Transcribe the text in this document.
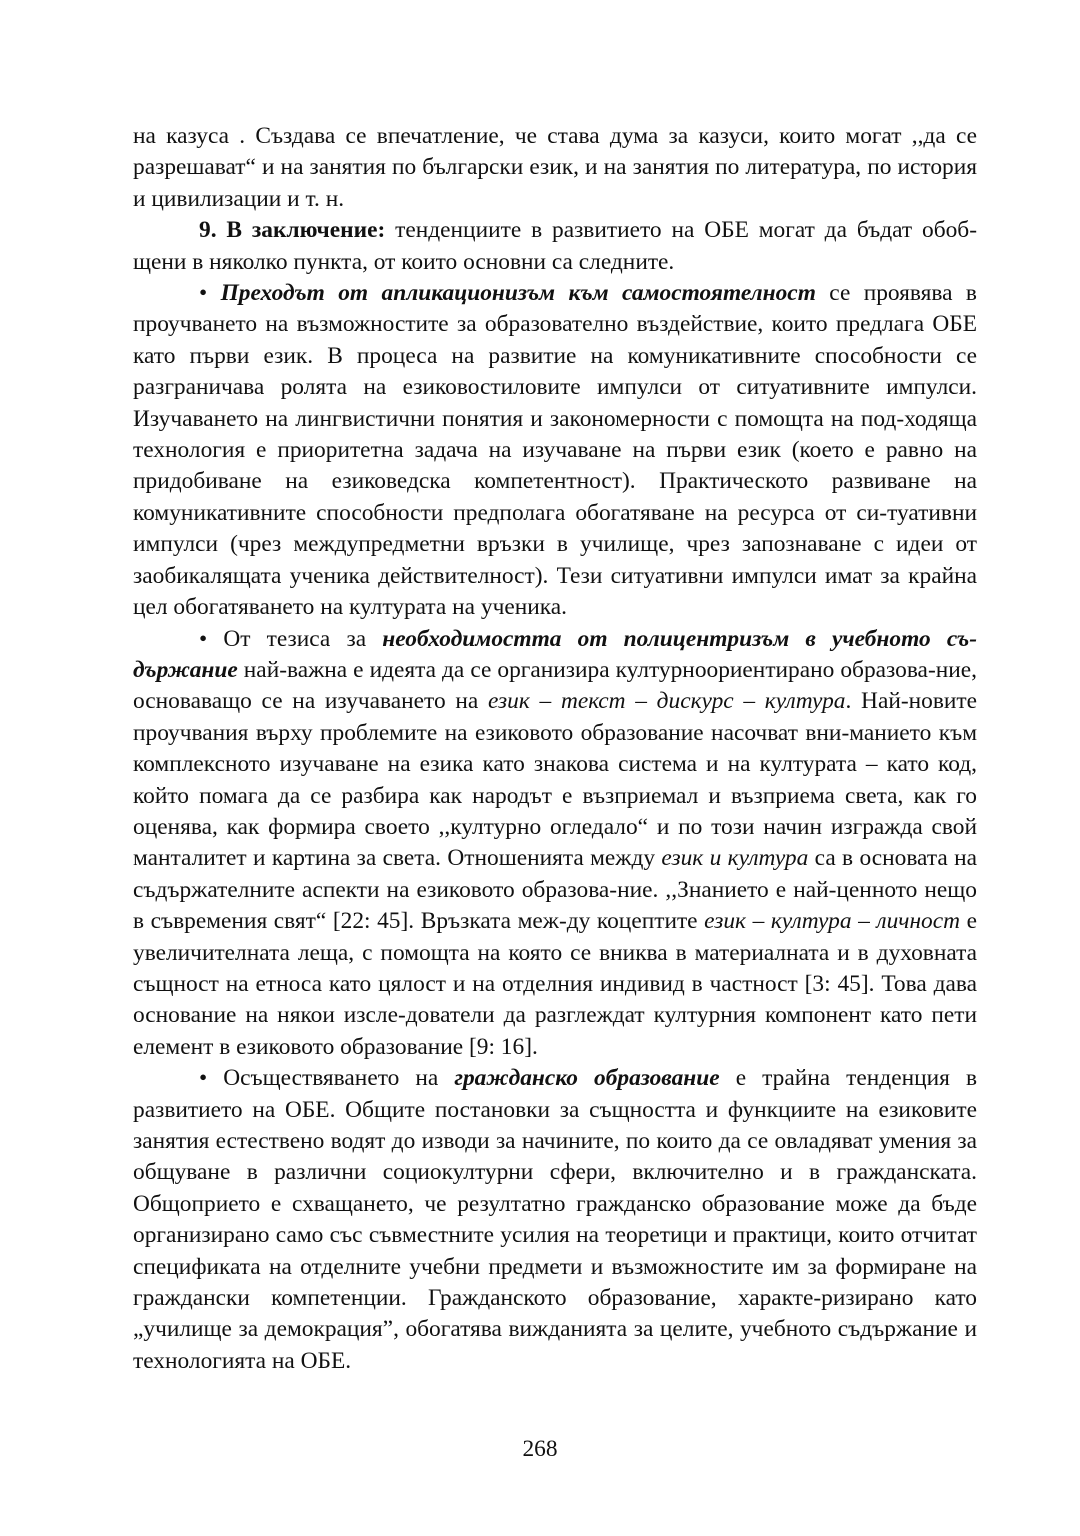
на казуса . Създава се впечатление, че става дума за казуси, които могат ,,да се разрешават“ и на занятия по български език, и на занятия по литература, по история и цивилизации и т. н.

9. В заключение: тенденциите в развитието на ОБЕ могат да бъдат обоб-щени в няколко пункта, от които основни са следните.

• Преходът от апликационизъм към самостоятелност се проявява в проучването на възможностите за образователно въздействие, които предлага ОБЕ като първи език. В процеса на развитие на комуникативните способности се разграничава ролята на езиковостиловите импулси от ситуативните импулси. Изучаването на лингвистични понятия и закономерности с помощта на под-ходяща технология е приоритетна задача на изучаване на първи език (което е равно на придобиване на езиковедска компетентност). Практическото развиване на комуникативните способности предполага обогатяване на ресурса от си-туативни импулси (чрез междупредметни връзки в училище, чрез запознаване с идеи от заобикалящата ученика действителност). Тези ситуативни импулси имат за крайна цел обогатяването на културата на ученика.

• От тезиса за необходимостта от полицентризъм в учебното съ-държание най-важна е идеята да се организира културноориентирано образова-ние, основаващо се на изучаването на език – текст – дискурс – култура. Най-новите проучвания върху проблемите на езиковото образование насочват вни-манието към комплексното изучаване на езика като знакова система и на културата – като код, който помага да се разбира как народът е възприемал и възприема света, как го оценява, как формира своето ,,културно огледало“ и по този начин изгражда свой манталитет и картина за света. Отношенията между език и култура са в основата на съдържателните аспекти на езиковото образова-ние. ,,Знанието е най-ценното нещо в съвремения свят“ [22: 45]. Връзката меж-ду коцептите език – култура – личност е увеличителната леща, с помощта на която се вниква в материалната и в духовната същност на етноса като цялост и на отделния индивид в частност [3: 45]. Това дава основание на някои изсле-дователи да разглеждат културния компонент като пети елемент в езиковото образование [9: 16].

• Осъществяването на гражданско образование е трайна тенденция в развитието на ОБЕ. Общите постановки за същността и функциите на езиковите занятия естествено водят до изводи за начините, по които да се овладяват умения за общуване в различни социокултурни сфери, включително и в гражданската. Общоприето е схващането, че резултатно гражданско образование може да бъде организирано само със съвместните усилия на теоретици и практици, които отчитат спецификата на отделните учебни предмети и възможностите им за формиране на граждански компетенции. Гражданското образование, характе-ризирано като „училище за демокрация”, обогатява вижданията за целите, учебното съдържание и технологията на ОБЕ.

268
